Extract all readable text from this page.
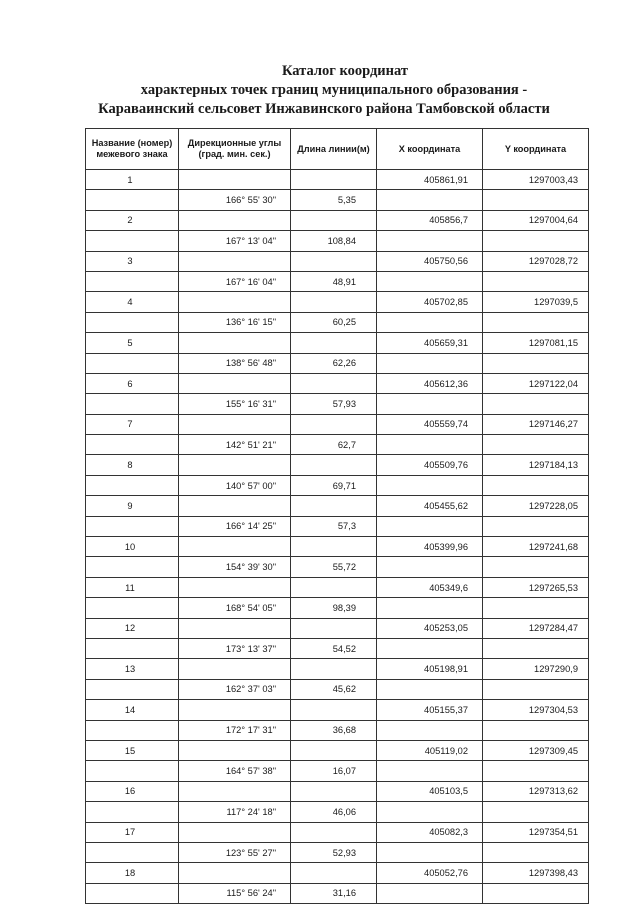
Каталог координат
характерных точек границ муниципального образования -
Караваинский сельсовет Инжавинского района Тамбовской области
Название (номер) межевого знака	Дирекционные углы (град. мин. сек.)	Длина линии(м)	X координата	Y координата
1			405861,91	1297003,43
	166° 55' 30"	5,35		
2			405856,7	1297004,64
	167° 13' 04"	108,84		
3			405750,56	1297028,72
	167° 16' 04"	48,91		
4			405702,85	1297039,5
	136° 16' 15"	60,25		
5			405659,31	1297081,15
	138° 56' 48"	62,26		
6			405612,36	1297122,04
	155° 16' 31"	57,93		
7			405559,74	1297146,27
	142° 51' 21"	62,7		
8			405509,76	1297184,13
	140° 57' 00"	69,71		
9			405455,62	1297228,05
	166° 14' 25"	57,3		
10			405399,96	1297241,68
	154° 39' 30"	55,72		
11			405349,6	1297265,53
	168° 54' 05"	98,39		
12			405253,05	1297284,47
	173° 13' 37"	54,52		
13			405198,91	1297290,9
	162° 37' 03"	45,62		
14			405155,37	1297304,53
	172° 17' 31"	36,68		
15			405119,02	1297309,45
	164° 57' 38"	16,07		
16			405103,5	1297313,62
	117° 24' 18"	46,06		
17			405082,3	1297354,51
	123° 55' 27"	52,93		
18			405052,76	1297398,43
	115° 56' 24"	31,16		
